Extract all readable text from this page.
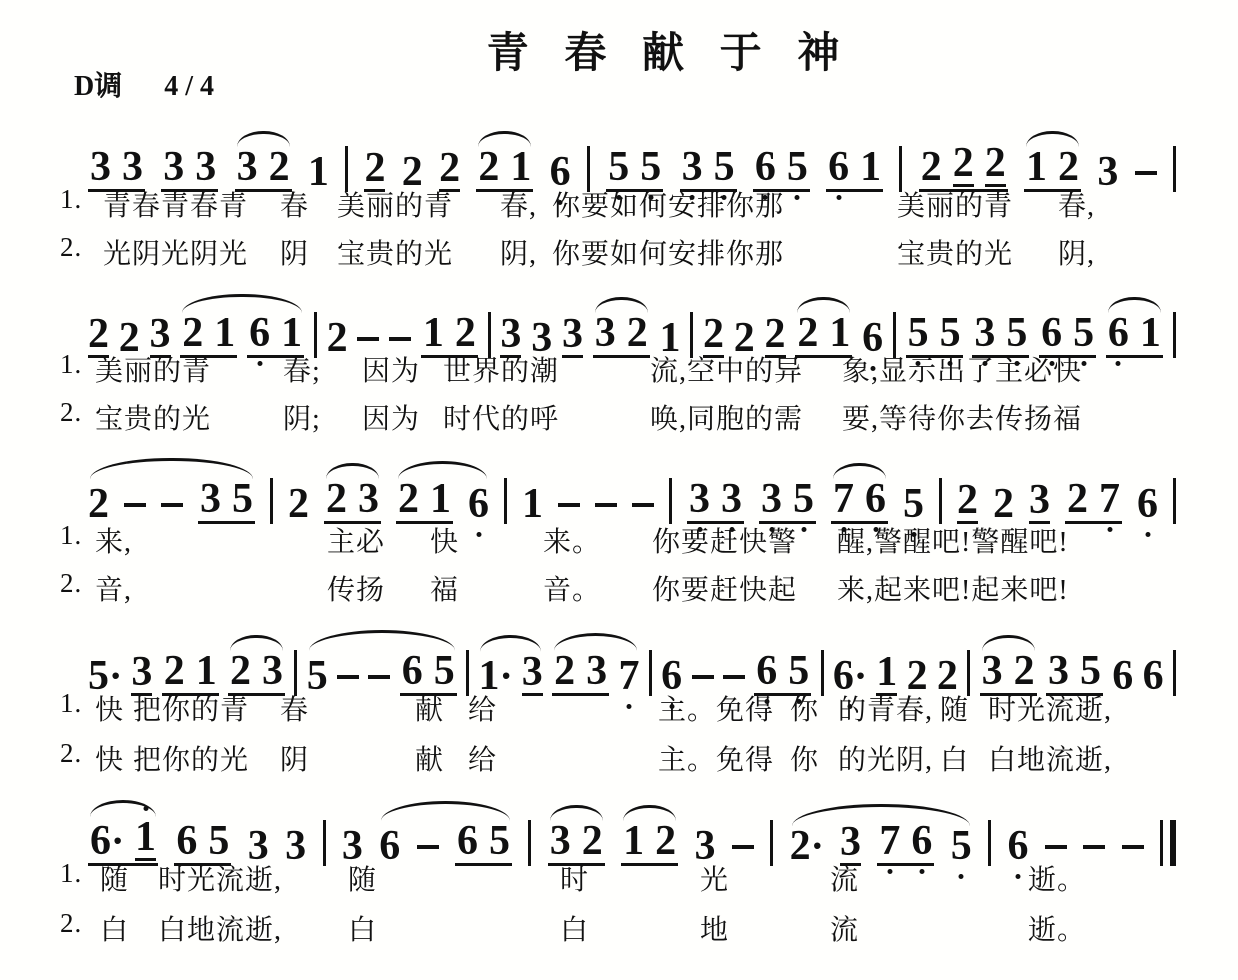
青 春 献 于 神
D调 4 / 4
3 3 3 3 3 2 1 2 2 2 2 1 6 5 5 3 5 6 5 6 1 2 2 2 1 2 3
1. 青春青春青 春 美丽的青 春, 你要如何安排你那	美丽的青 春,
2. 光阴光阴光 阴 宝贵的光 阴, 你要如何安排你那	宝贵的光 阴,
2 2 3 2 1 6 1 2 1 2 3 3 3 3 2 1 2 2 2 2 1 6 5 5 3 5 6 5 6 1
1. 美丽的青	春; 因为 世界的潮	流,空中的异 象,显示出了主必快
2. 宝贵的光	阴; 因为 时代的呼	唤,同胞的需 要,等待你去传扬福
2 3 5 2 2 3 2 1 6 1	3 3 3 5 7 6 5 2 2 3 2 7 6
1. 来,	主必 快	来。 你要赶快警 醒,警醒吧!警醒吧!
2. 音,	传扬 福	音。 你要赶快起 来,起来吧!起来吧!
5· 3 2 1 2 3 5 6 5 1· 3 2 3 7 6 6 5 6· 1 2 2 3 2 3 5 6 6
1. 快 把你的青 春	献 给	主。免得 你 的青春, 随 时光流逝,
2. 快 把你的光 阴	献 给	主。免得 你 的光阴, 白 白地流逝,
6· 1 6 5 3 3 3 6 6 5 3 2 1 2 3 2· 3 7 6 5 6
1. 随 时光流逝, 随	时	光	流	逝。
2. 白 白地流逝, 白	白	地	流	逝。
